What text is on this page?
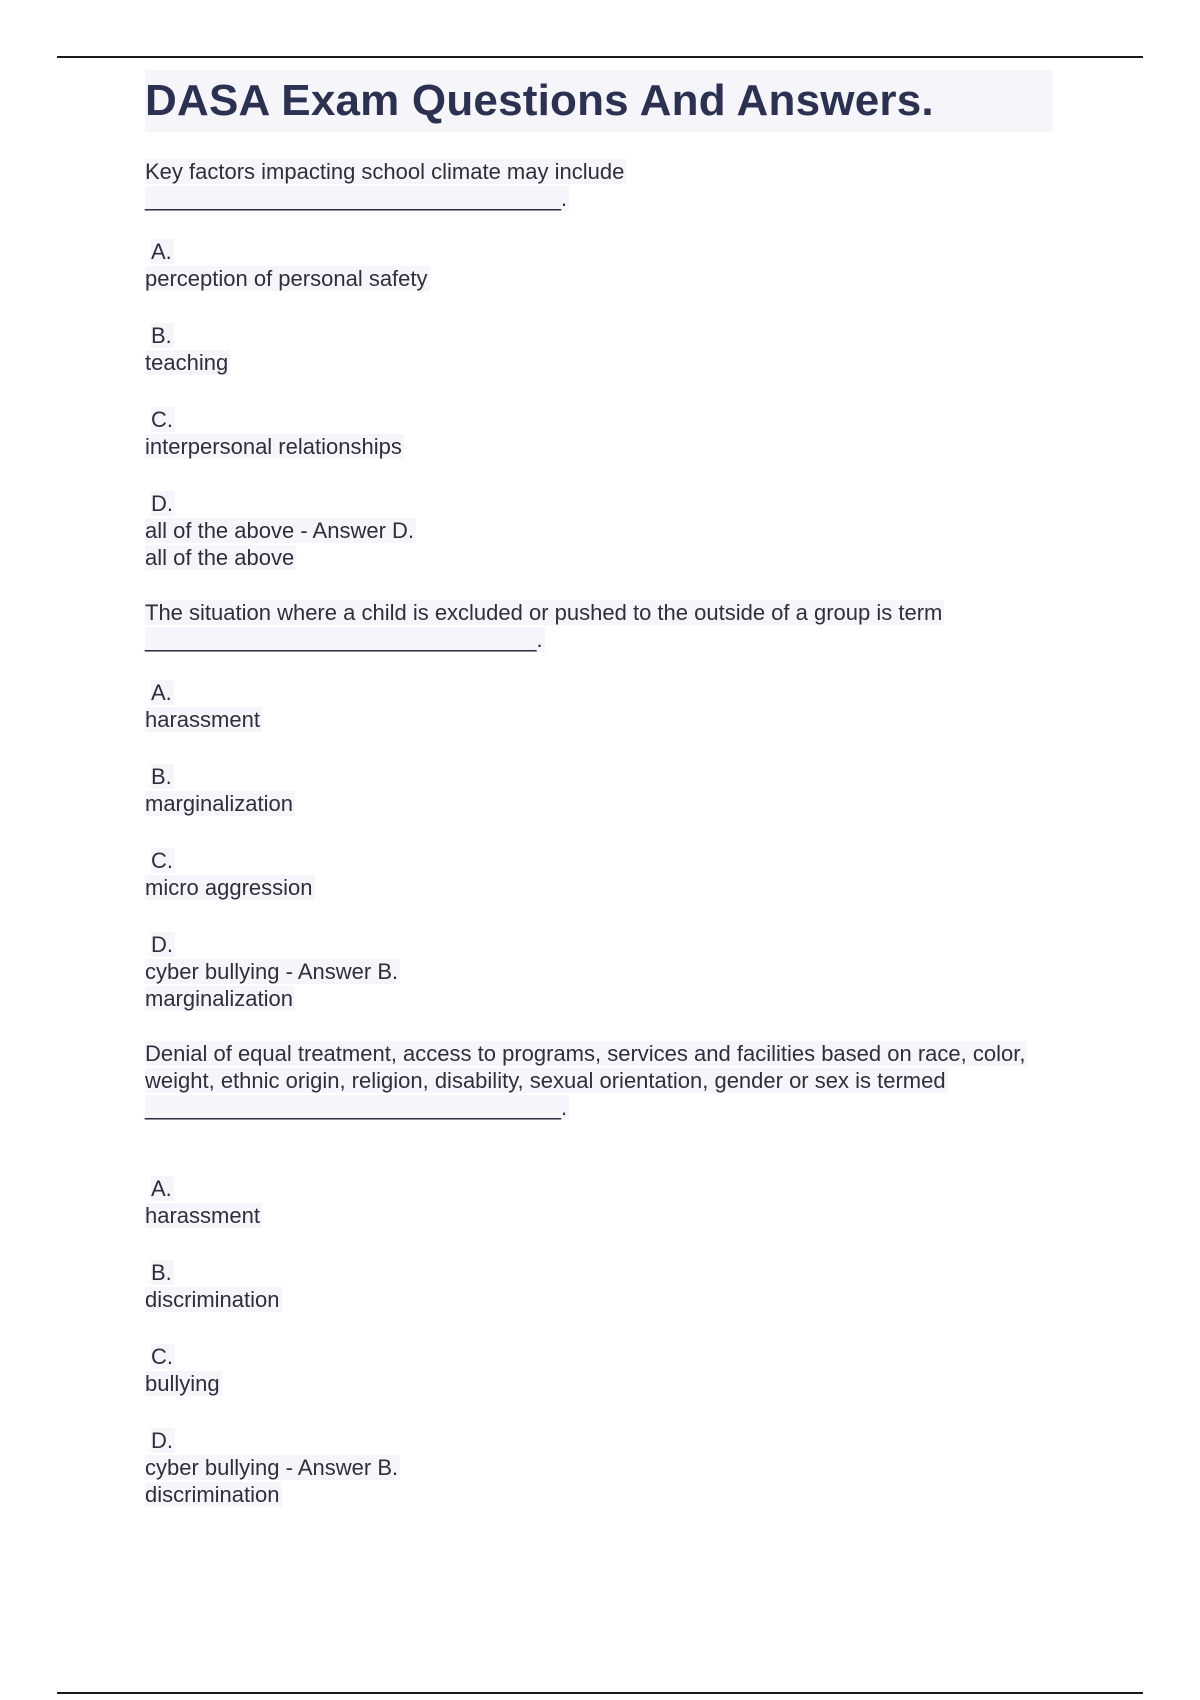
DASA Exam Questions And Answers.
Key factors impacting school climate may include
__________________________________.
A.
perception of personal safety
B.
teaching
C.
interpersonal relationships
D.
all of the above - Answer D.
all of the above
The situation where a child is excluded or pushed to the outside of a group is term
________________________________.
A.
harassment
B.
marginalization
C.
micro aggression
D.
cyber bullying - Answer B.
marginalization
Denial of equal treatment, access to programs, services and facilities based on race, color, weight, ethnic origin, religion, disability, sexual orientation, gender or sex is termed __________________________________.
A.
harassment
B.
discrimination
C.
bullying
D.
cyber bullying - Answer B.
discrimination
